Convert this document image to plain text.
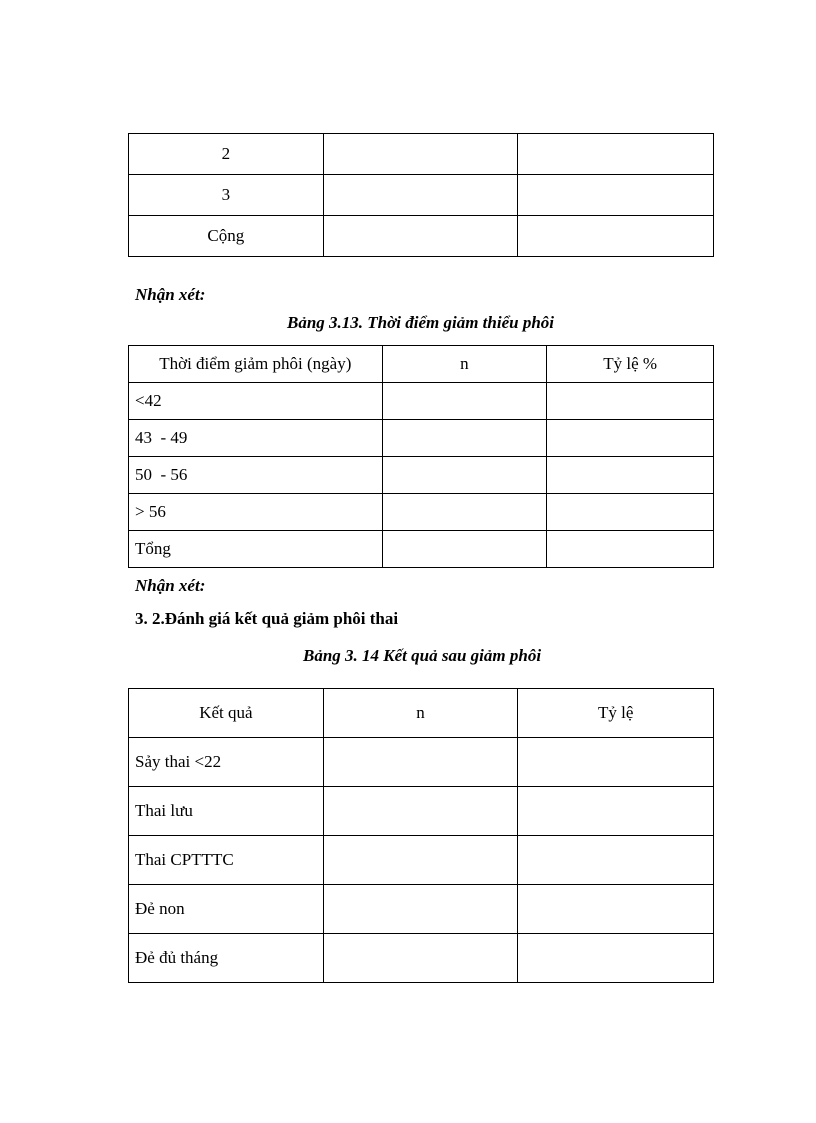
2		
3		
Cộng		
Nhận xét:
Bảng 3.13. Thời điểm giảm thiểu phôi
Thời điểm giảm phôi (ngày)	n	Tỷ lệ %
<42		
43  - 49		
50  - 56		
> 56		
Tổng		
Nhận xét:
3. 2.Đánh giá kết quả giảm phôi thai
Bảng 3. 14 Kết quả sau giảm phôi
Kết quả	n	Tỷ lệ
Sảy thai <22		
Thai lưu		
Thai CPTTTC		
Đẻ non		
Đẻ đủ tháng		
